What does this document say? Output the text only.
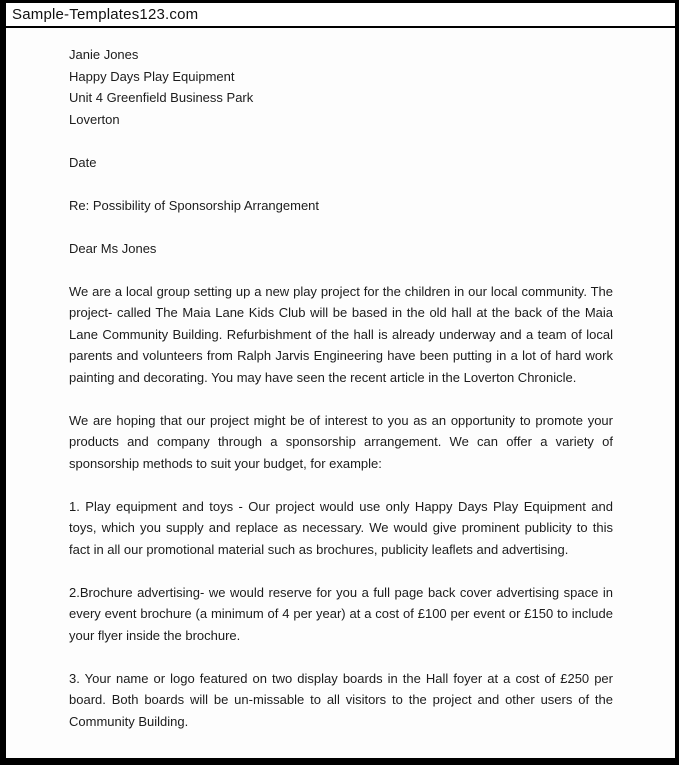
Sample-Templates123.com
Janie Jones
Happy Days Play Equipment
Unit 4 Greenfield Business Park
Loverton

Date

Re: Possibility of Sponsorship Arrangement

Dear Ms Jones

We are a local group setting up a new play project for the children in our local community. The project- called The Maia Lane Kids Club will be based in the old hall at the back of the Maia Lane Community Building. Refurbishment of the hall is already underway and a team of local parents and volunteers from Ralph Jarvis Engineering have been putting in a lot of hard work painting and decorating. You may have seen the recent article in the Loverton Chronicle.

We are hoping that our project might be of interest to you as an opportunity to promote your products and company through a sponsorship arrangement. We can offer a variety of sponsorship methods to suit your budget, for example:

1. Play equipment and toys - Our project would use only Happy Days Play Equipment and toys, which you supply and replace as necessary. We would give prominent publicity to this fact in all our promotional material such as brochures, publicity leaflets and advertising.

2.Brochure advertising- we would reserve for you a full page back cover advertising space in every event brochure (a minimum of 4 per year) at a cost of £100 per event or £150 to include your flyer inside the brochure.

3. Your name or logo featured on two display boards in the Hall foyer at a cost of £250 per board. Both boards will be un-missable to all visitors to the project and other users of the Community Building.
